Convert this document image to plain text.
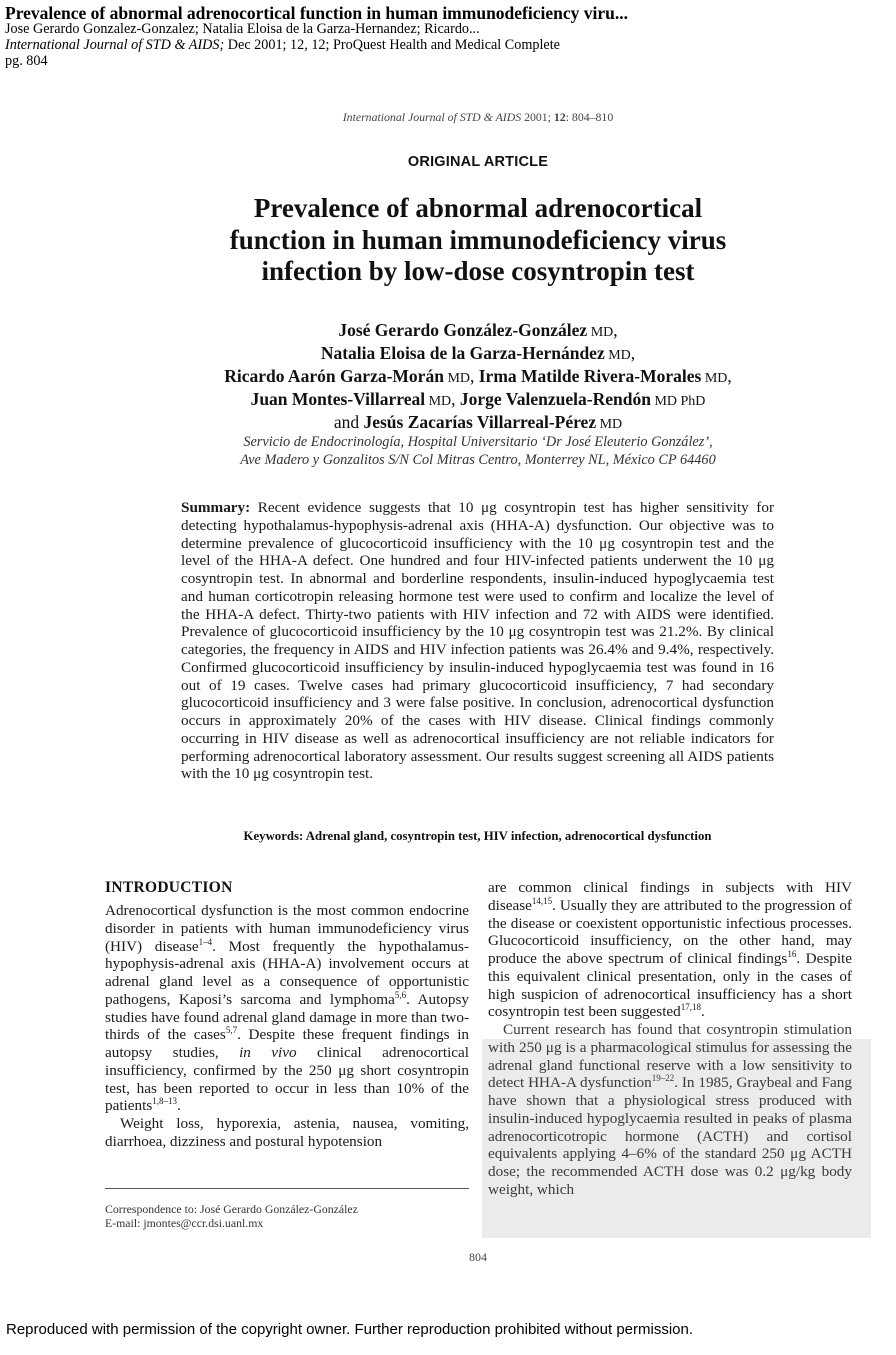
Prevalence of abnormal adrenocortical function in human immunodeficiency viru...
Jose Gerardo Gonzalez-Gonzalez; Natalia Eloisa de la Garza-Hernandez; Ricardo...
International Journal of STD & AIDS; Dec 2001; 12, 12; ProQuest Health and Medical Complete
pg. 804
International Journal of STD & AIDS 2001; 12: 804–810
ORIGINAL ARTICLE
Prevalence of abnormal adrenocortical
function in human immunodeficiency virus
infection by low-dose cosyntropin test
José Gerardo González-González MD,
Natalia Eloisa de la Garza-Hernández MD,
Ricardo Aarón Garza-Morán MD, Irma Matilde Rivera-Morales MD,
Juan Montes-Villarreal MD, Jorge Valenzuela-Rendón MD PhD
and Jesús Zacarías Villarreal-Pérez MD
Servicio de Endocrinología, Hospital Universitario ‘Dr José Eleuterio González’,
Ave Madero y Gonzalitos S/N Col Mitras Centro, Monterrey NL, México CP 64460

Summary: Recent evidence suggests that 10 μg cosyntropin test has higher sensitivity for detecting hypothalamus-hypophysis-adrenal axis (HHA-A) dysfunction. Our objective was to determine prevalence of glucocorticoid insufficiency with the 10 μg cosyntropin test and the level of the HHA-A defect. One hundred and four HIV-infected patients underwent the 10 μg cosyntropin test. In abnormal and borderline respondents, insulin-induced hypoglycaemia test and human corticotropin releasing hormone test were used to confirm and localize the level of the HHA-A defect. Thirty-two patients with HIV infection and 72 with AIDS were identified. Prevalence of glucocorticoid insufficiency by the 10 μg cosyntropin test was 21.2%. By clinical categories, the frequency in AIDS and HIV infection patients was 26.4% and 9.4%, respectively. Confirmed glucocorticoid insufficiency by insulin-induced hypoglycaemia test was found in 16 out of 19 cases. Twelve cases had primary glucocorticoid insufficiency, 7 had secondary glucocorticoid insufficiency and 3 were false positive. In conclusion, adrenocortical dysfunction occurs in approximately 20% of the cases with HIV disease. Clinical findings commonly occurring in HIV disease as well as adrenocortical insufficiency are not reliable indicators for performing adrenocortical laboratory assessment. Our results suggest screening all AIDS patients with the 10 μg cosyntropin test.

Keywords: Adrenal gland, cosyntropin test, HIV infection, adrenocortical dysfunction
INTRODUCTION

Adrenocortical dysfunction is the most common endocrine disorder in patients with human immunodeficiency virus (HIV) disease$^{1-4}$. Most frequently the hypothalamus-hypophysis-adrenal axis (HHA-A) involvement occurs at adrenal gland level as a consequence of opportunistic pathogens, Kaposi’s sarcoma and lymphoma$^{5,6}$. Autopsy studies have found adrenal gland damage in more than two-thirds of the cases$^{5,7}$. Despite these frequent findings in autopsy studies, in vivo clinical adrenocortical insufficiency, confirmed by the 250 μg short cosyntropin test, has been reported to occur in less than 10% of the patients$^{1,8-13}$.

Weight loss, hyporexia, astenia, nausea, vomiting, diarrhoea, dizziness and postural hypotension

Correspondence to: José Gerardo González-González
E-mail: jmontes@ccr.dsi.uanl.mx

are common clinical findings in subjects with HIV disease$^{14,15}$. Usually they are attributed to the progression of the disease or coexistent opportunistic infectious processes. Glucocorticoid insufficiency, on the other hand, may produce the above spectrum of clinical findings$^{16}$. Despite this equivalent clinical presentation, only in the cases of high suspicion of adrenocortical insufficiency has a short cosyntropin test been suggested$^{17,18}$.

Current research has found that cosyntropin stimulation with 250 μg is a pharmacological stimulus for assessing the adrenal gland functional reserve with a low sensitivity to detect HHA-A dysfunction$^{19-22}$. In 1985, Graybeal and Fang have shown that a physiological stress produced with insulin-induced hypoglycaemia resulted in peaks of plasma adrenocorticotropic hormone (ACTH) and cortisol equivalents applying 4–6% of the standard 250 μg ACTH dose; the recommended ACTH dose was 0.2 μg/kg body weight, which

804
Reproduced with permission of the copyright owner. Further reproduction prohibited without permission.
